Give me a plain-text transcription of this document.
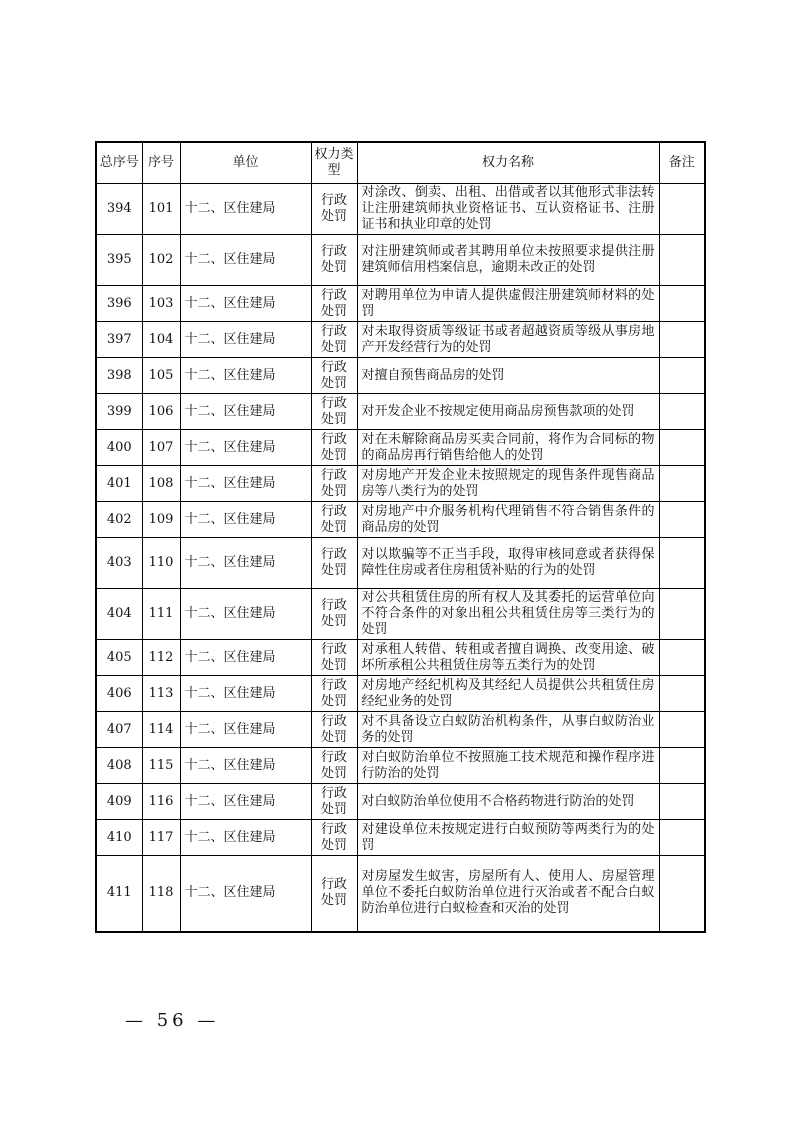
总序号	序号	单位	权力类型	权力名称	备注
394	101	十二、区住建局	行政处罚	对涂改、倒卖、出租、出借或者以其他形式非法转让注册建筑师执业资格证书、互认资格证书、注册证书和执业印章的处罚	
395	102	十二、区住建局	行政处罚	对注册建筑师或者其聘用单位未按照要求提供注册建筑师信用档案信息，逾期未改正的处罚	
396	103	十二、区住建局	行政处罚	对聘用单位为申请人提供虚假注册建筑师材料的处罚	
397	104	十二、区住建局	行政处罚	对未取得资质等级证书或者超越资质等级从事房地产开发经营行为的处罚	
398	105	十二、区住建局	行政处罚	对擅自预售商品房的处罚	
399	106	十二、区住建局	行政处罚	对开发企业不按规定使用商品房预售款项的处罚	
400	107	十二、区住建局	行政处罚	对在未解除商品房买卖合同前，将作为合同标的物的商品房再行销售给他人的处罚	
401	108	十二、区住建局	行政处罚	对房地产开发企业未按照规定的现售条件现售商品房等八类行为的处罚	
402	109	十二、区住建局	行政处罚	对房地产中介服务机构代理销售不符合销售条件的商品房的处罚	
403	110	十二、区住建局	行政处罚	对以欺骗等不正当手段，取得审核同意或者获得保障性住房或者住房租赁补贴的行为的处罚	
404	111	十二、区住建局	行政处罚	对公共租赁住房的所有权人及其委托的运营单位向不符合条件的对象出租公共租赁住房等三类行为的处罚	
405	112	十二、区住建局	行政处罚	对承租人转借、转租或者擅自调换、改变用途、破坏所承租公共租赁住房等五类行为的处罚	
406	113	十二、区住建局	行政处罚	对房地产经纪机构及其经纪人员提供公共租赁住房经纪业务的处罚	
407	114	十二、区住建局	行政处罚	对不具备设立白蚁防治机构条件，从事白蚁防治业务的处罚	
408	115	十二、区住建局	行政处罚	对白蚁防治单位不按照施工技术规范和操作程序进行防治的处罚	
409	116	十二、区住建局	行政处罚	对白蚁防治单位使用不合格药物进行防治的处罚	
410	117	十二、区住建局	行政处罚	对建设单位未按规定进行白蚁预防等两类行为的处罚	
411	118	十二、区住建局	行政处罚	对房屋发生蚁害，房屋所有人、使用人、房屋管理单位不委托白蚁防治单位进行灭治或者不配合白蚁防治单位进行白蚁检查和灭治的处罚	
— 56 —
